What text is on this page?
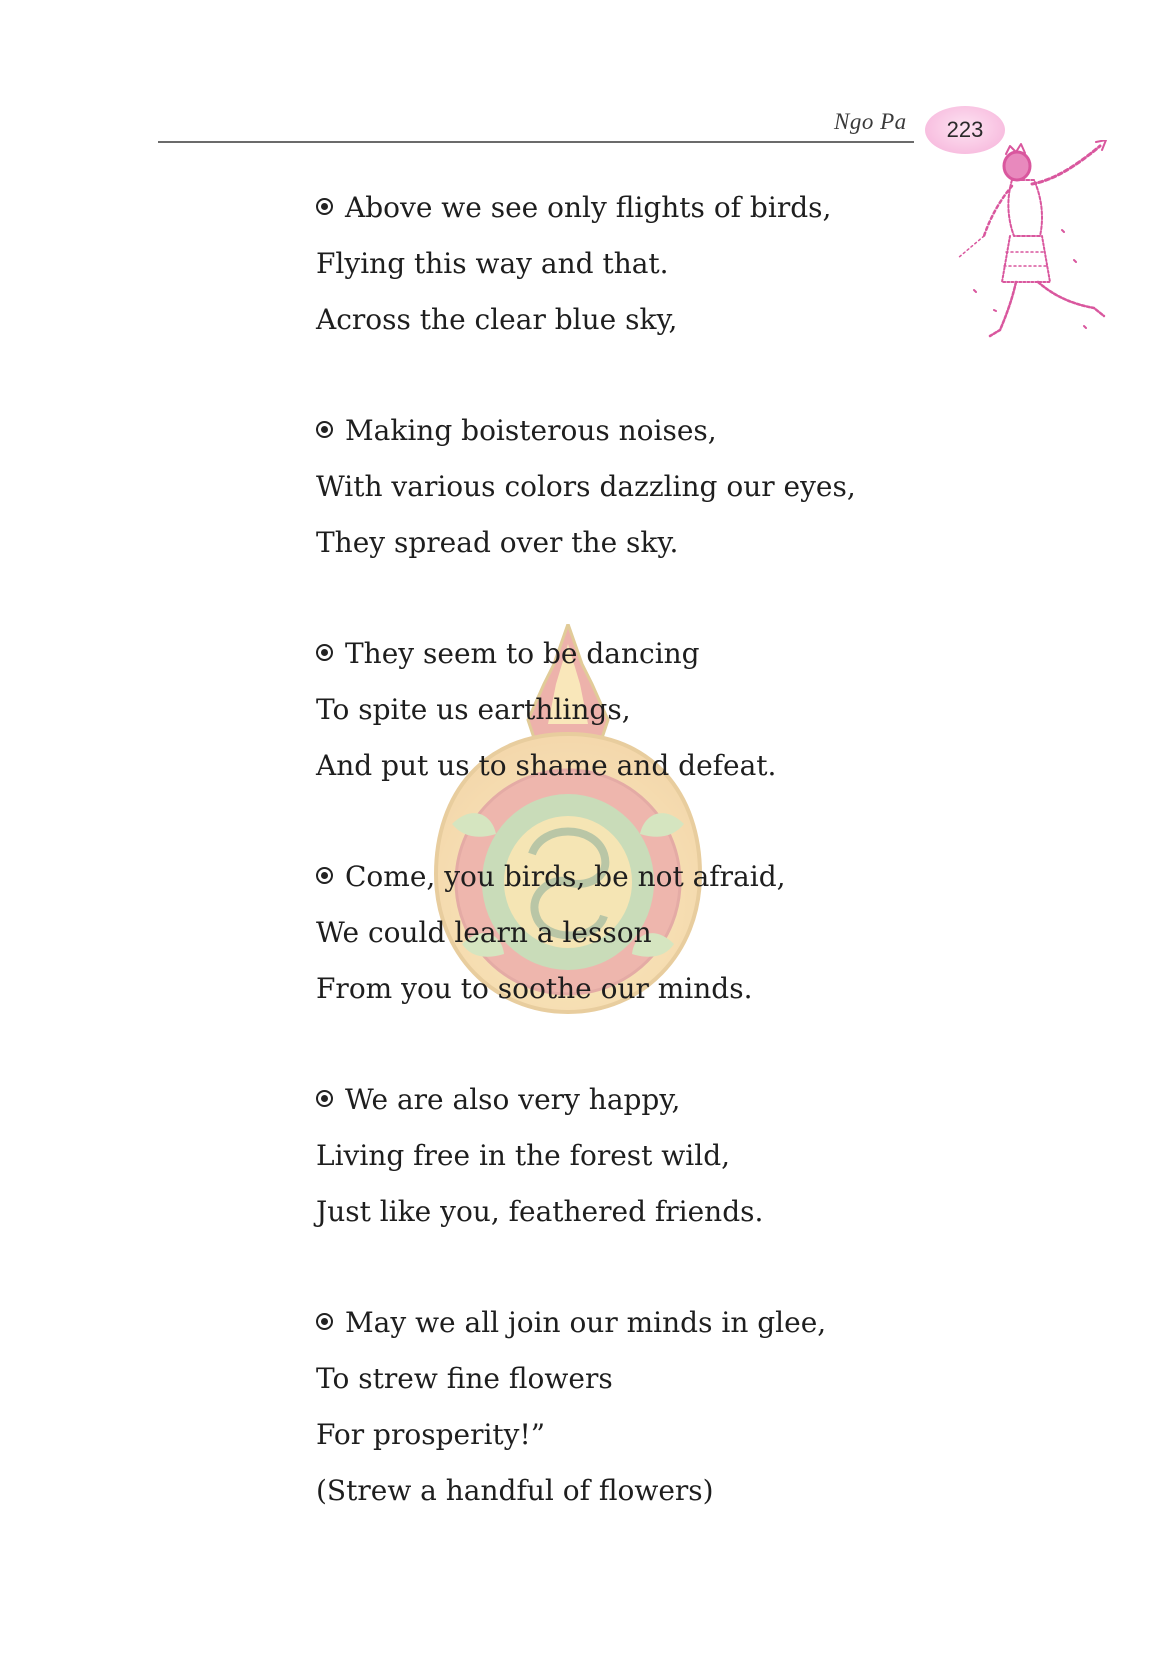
Ngo Pa 223
Above we see only flights of birds,
Flying this way and that.
Across the clear blue sky,
Making boisterous noises,
With various colors dazzling our eyes,
They spread over the sky.
They seem to be dancing
To spite us earthlings,
And put us to shame and defeat.
Come, you birds, be not afraid,
We could learn a lesson
From you to soothe our minds.
We are also very happy,
Living free in the forest wild,
Just like you, feathered friends.
May we all join our minds in glee,
To strew fine flowers
For prosperity!”
(Strew a handful of flowers)
